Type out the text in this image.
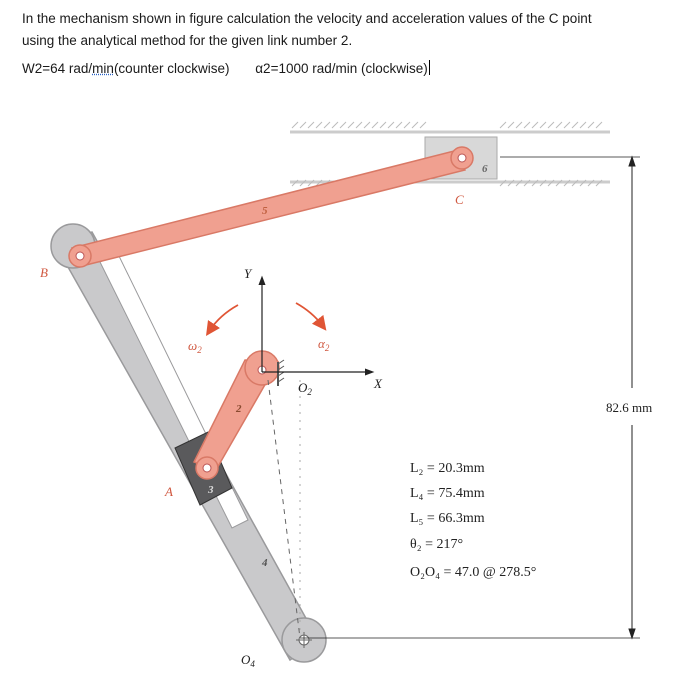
In the mechanism shown in figure calculation the velocity and acceleration values of the C point

using the analytical method for the given link number 2.

W2=64 rad/min(counter clockwise) α2=1000 rad/min (clockwise)

B
C
A
Y
X
$O_2$
$O_4$
$\omega_2$	$\alpha_2$
5
6
2
3
4
82.6 mm
L₂ = 20.3mm
L₄ = 75.4mm
L₅ = 66.3mm
θ₂ = 217°
O₂O₄ = 47.0 @ 278.5°
